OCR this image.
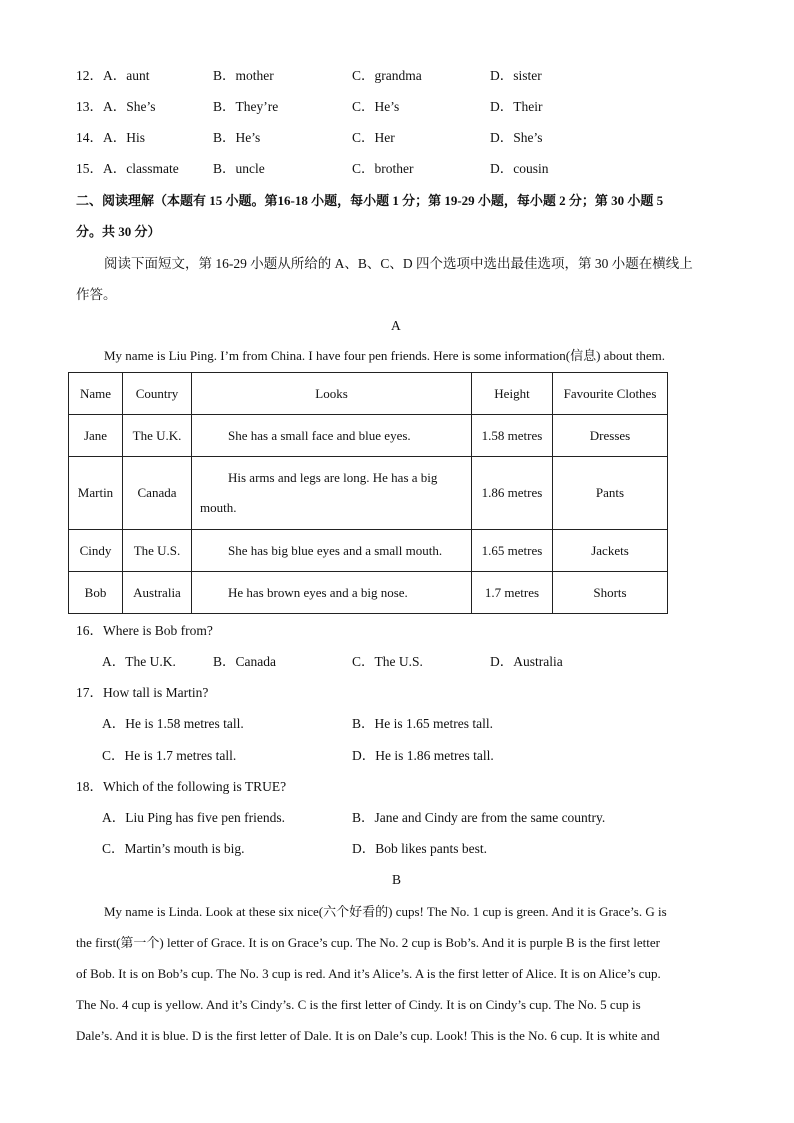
12． A．aunt	B．mother	C．grandma	D．sister
13． A．She’s	B．They’re	C．He’s	D．Their
14． A．His	B．He’s	C．Her	D．She’s
15． A．classmate	B．uncle	C．brother	D．cousin
二、阅读理解（本题有 15 小题。第16-18 小题，每小题 1 分；第 19-29 小题，每小题 2 分；第 30 小题 5
分。共 30 分）
阅读下面短文，第 16-29 小题从所给的 A、B、C、D 四个选项中选出最佳选项，第 30 小题在横线上
作答。
A
My name is Liu Ping. I’m from China. I have four pen friends. Here is some information(信息) about them.
Name	Country	Looks	Height	Favourite Clothes
Jane	The U.K.	She has a small face and blue eyes.	1.58 metres	Dresses
Martin	Canada	His arms and legs are long. He has a big
mouth.	1.86 metres	Pants
Cindy	The U.S.	She has big blue eyes and a small mouth.	1.65 metres	Jackets
Bob	Australia	He has brown eyes and a big nose.	1.7 metres	Shorts
16．Where is Bob from?
A．The U.K.	B．Canada	C．The U.S.	D．Australia
17．How tall is Martin?
A．He is 1.58 metres tall.	B．He is 1.65 metres tall.
C．He is 1.7 metres tall.	D．He is 1.86 metres tall.
18．Which of the following is TRUE?
A．Liu Ping has five pen friends.	B．Jane and Cindy are from the same country.
C．Martin’s mouth is big.	D．Bob likes pants best.
B
My name is Linda. Look at these six nice(六个好看的) cups! The No. 1 cup is green. And it is Grace’s. G is
the first(第一个) letter of Grace. It is on Grace’s cup. The No. 2 cup is Bob’s. And it is purple B is the first letter
of Bob. It is on Bob’s cup. The No. 3 cup is red. And it’s Alice’s. A is the first letter of Alice. It is on Alice’s cup.
The No. 4 cup is yellow. And it’s Cindy’s. C is the first letter of Cindy. It is on Cindy’s cup. The No. 5 cup is
Dale’s. And it is blue. D is the first letter of Dale. It is on Dale’s cup. Look! This is the No. 6 cup. It is white and
